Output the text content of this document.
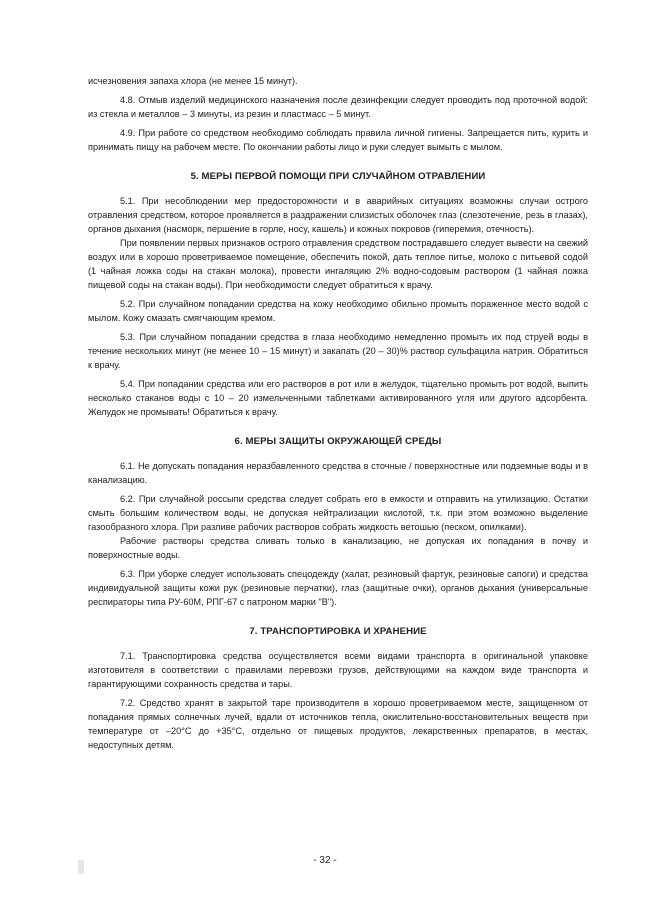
исчезновения запаха хлора (не менее 15 минут).

4.8. Отмыв изделий медицинского назначения после дезинфекции следует проводить под проточной водой: из стекла и металлов – 3 минуты, из резин и пластмасс – 5 минут.

4.9. При работе со средством необходимо соблюдать правила личной гигиены. Запрещается пить, курить и принимать пищу на рабочем месте. По окончании работы лицо и руки следует вымыть с мылом.

5. МЕРЫ ПЕРВОЙ ПОМОЩИ ПРИ СЛУЧАЙНОМ ОТРАВЛЕНИИ

5.1. При несоблюдении мер предосторожности и в аварийных ситуациях возможны случаи острого отравления средством, которое проявляется в раздражении слизистых оболочек глаз (слезотечение, резь в глазах), органов дыхания (насморк, першение в горле, носу, кашель) и кожных покровов (гиперемия, отечность).

При появлении первых признаков острого отравления средством пострадавшего следует вывести на свежий воздух или в хорошо проветриваемое помещение, обеспечить покой, дать теплое питье, молоко с питьевой содой (1 чайная ложка соды на стакан молока), провести ингаляцию 2% водно-содовым раствором (1 чайная ложка пищевой соды на стакан воды). При необходимости следует обратиться к врачу.

5.2. При случайном попадании средства на кожу необходимо обильно промыть пораженное место водой с мылом. Кожу смазать смягчающим кремом.

5.3. При случайном попадании средства в глаза необходимо немедленно промыть их под струей воды в течение нескольких минут (не менее 10 – 15 минут) и закапать (20 – 30)% раствор сульфацила натрия. Обратиться к врачу.

5.4. При попадании средства или его растворов в рот или в желудок, тщательно промыть рот водой, выпить несколько стаканов воды с 10 – 20 измельченными таблетками активированного угля или другого адсорбента. Желудок не промывать! Обратиться к врачу.

6. МЕРЫ ЗАЩИТЫ ОКРУЖАЮЩЕЙ СРЕДЫ

6.1. Не допускать попадания неразбавленного средства в сточные / поверхностные или подземные воды и в канализацию.

6.2. При случайной россыпи средства следует собрать его в емкости и отправить на утилизацию. Остатки смыть большим количеством воды, не допуская нейтрализации кислотой, т.к. при этом возможно выделение газообразного хлора. При разливе рабочих растворов собрать жидкость ветошью (песком, опилками).

Рабочие растворы средства сливать только в канализацию, не допуская их попадания в почву и поверхностные воды.

6.3. При уборке следует использовать спецодежду (халат, резиновый фартук, резиновые сапоги) и средства индивидуальной защиты кожи рук (резиновые перчатки), глаз (защитные очки), органов дыхания (универсальные респираторы типа РУ-60М, РПГ-67 с патроном марки "В").

7. ТРАНСПОРТИРОВКА И ХРАНЕНИЕ

7.1. Транспортировка средства осуществляется всеми видами транспорта в оригинальной упаковке изготовителя в соответствии с правилами перевозки грузов, действующими на каждом виде транспорта и гарантирующими сохранность средства и тары.

7.2. Средство хранят в закрытой таре производителя в хорошо проветриваемом месте, защищенном от попадания прямых солнечных лучей, вдали от источников тепла, окислительно-восстановительных веществ при температуре от –20°С до +35°С, отдельно от пищевых продуктов, лекарственных препаратов, в местах, недоступных детям.

- 32 -
